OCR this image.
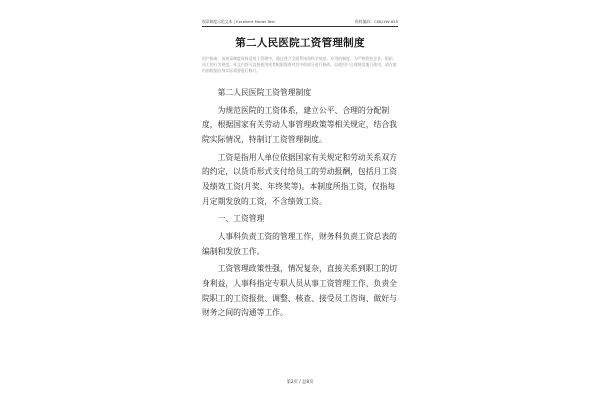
规章制度示范文本 | Excellent Model Text	资料编码：CSKJ-YW-655
第二人民医院工资管理制度
用户指南：该规章制度资料适用于管理中，通过建立全面系统和科学规范、专用的制度、为严格管控企业、组织、员工的行为规范。本文内容可直接使用或者根据需要对其中的部分进行修改，以使用户合理规范地行使用，请在使用前根据自身实际需要进行修订。

第二人民医院工资管理制度

为规范医院的工资体系，建立公平、合理的分配制度，根据国家有关劳动人事管理政策等相关规定，结合我院实际情况，特制订工资管理制度。

工资是指用人单位依据国家有关规定和劳动关系双方的约定，以货币形式支付给员工的劳动报酬，包括月工资及绩效工资(月奖、年终奖等)。本制度所指工资，仅指每月定期发放的工资，不含绩效工资。

一、工资管理

人事科负责工资的管理工作，财务科负责工资总表的编制和发放工作。

工资管理政策性强，情况复杂，直接关系到职工的切身利益，人事科指定专职人员从事工资管理工作，负责全院职工的工资报批、调整、核查、接受员工咨询、做好与财务之间的沟通等工作。

第2页 / 总8页
